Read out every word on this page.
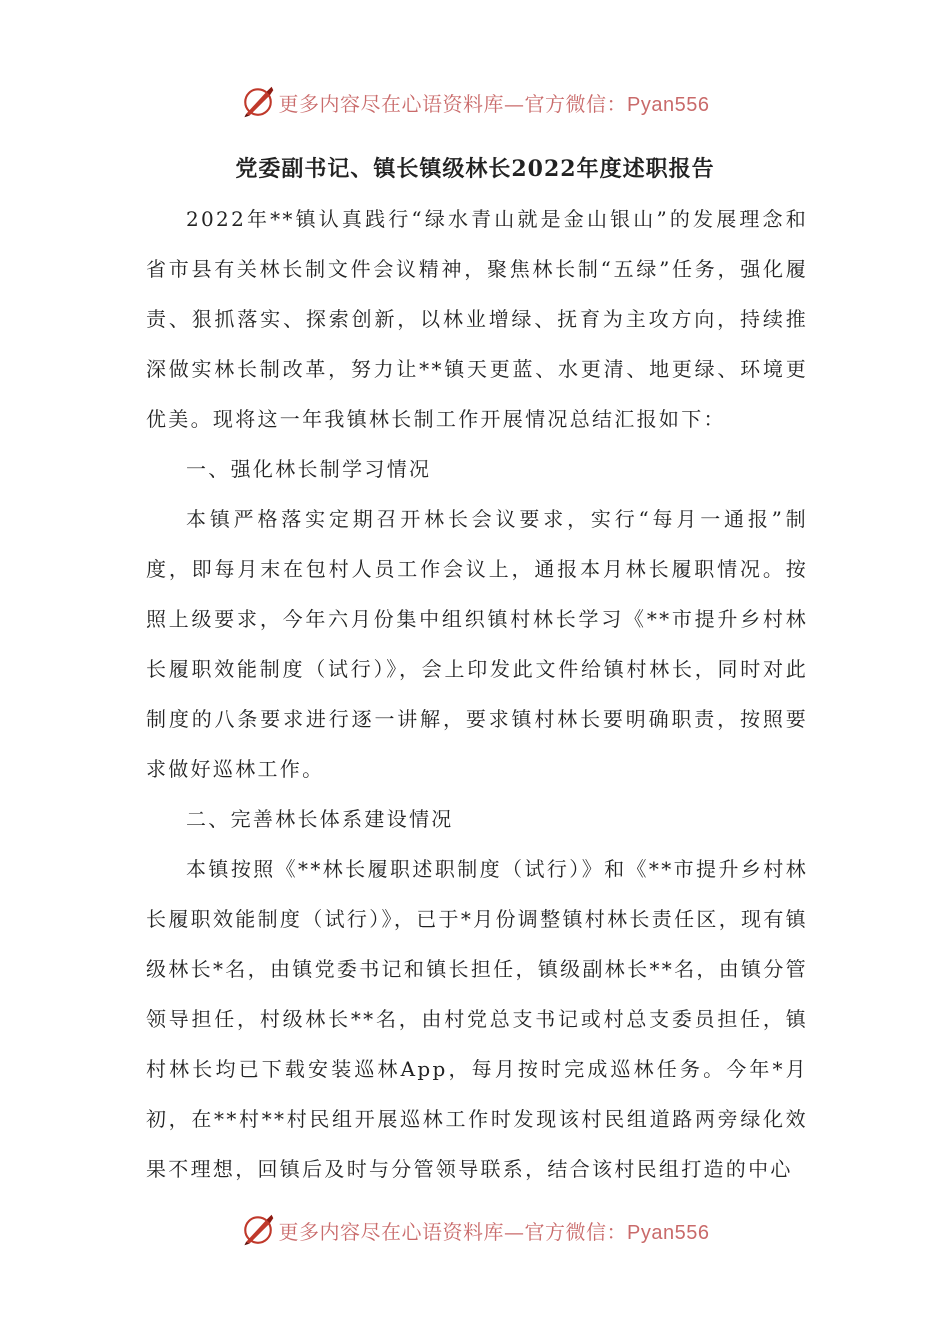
更多内容尽在心语资料库—官方微信：Pyan556
党委副书记、镇长镇级林长2022年度述职报告

2022年**镇认真践行“绿水青山就是金山银山”的发展理念和省市县有关林长制文件会议精神，聚焦林长制“五绿”任务，强化履责、狠抓落实、探索创新，以林业增绿、抚育为主攻方向，持续推深做实林长制改革，努力让**镇天更蓝、水更清、地更绿、环境更优美。现将这一年我镇林长制工作开展情况总结汇报如下：

一、强化林长制学习情况

本镇严格落实定期召开林长会议要求，实行“每月一通报”制度，即每月末在包村人员工作会议上，通报本月林长履职情况。按照上级要求，今年六月份集中组织镇村林长学习《**市提升乡村林长履职效能制度（试行）》，会上印发此文件给镇村林长，同时对此制度的八条要求进行逐一讲解，要求镇村林长要明确职责，按照要求做好巡林工作。

二、完善林长体系建设情况

本镇按照《**林长履职述职制度（试行）》和《**市提升乡村林长履职效能制度（试行）》，已于*月份调整镇村林长责任区，现有镇级林长*名，由镇党委书记和镇长担任，镇级副林长**名，由镇分管领导担任，村级林长**名，由村党总支书记或村总支委员担任，镇村林长均已下载安装巡林App，每月按时完成巡林任务。今年*月初，在**村**村民组开展巡林工作时发现该村民组道路两旁绿化效果不理想，回镇后及时与分管领导联系，结合该村民组打造的中心

更多内容尽在心语资料库—官方微信：Pyan556
